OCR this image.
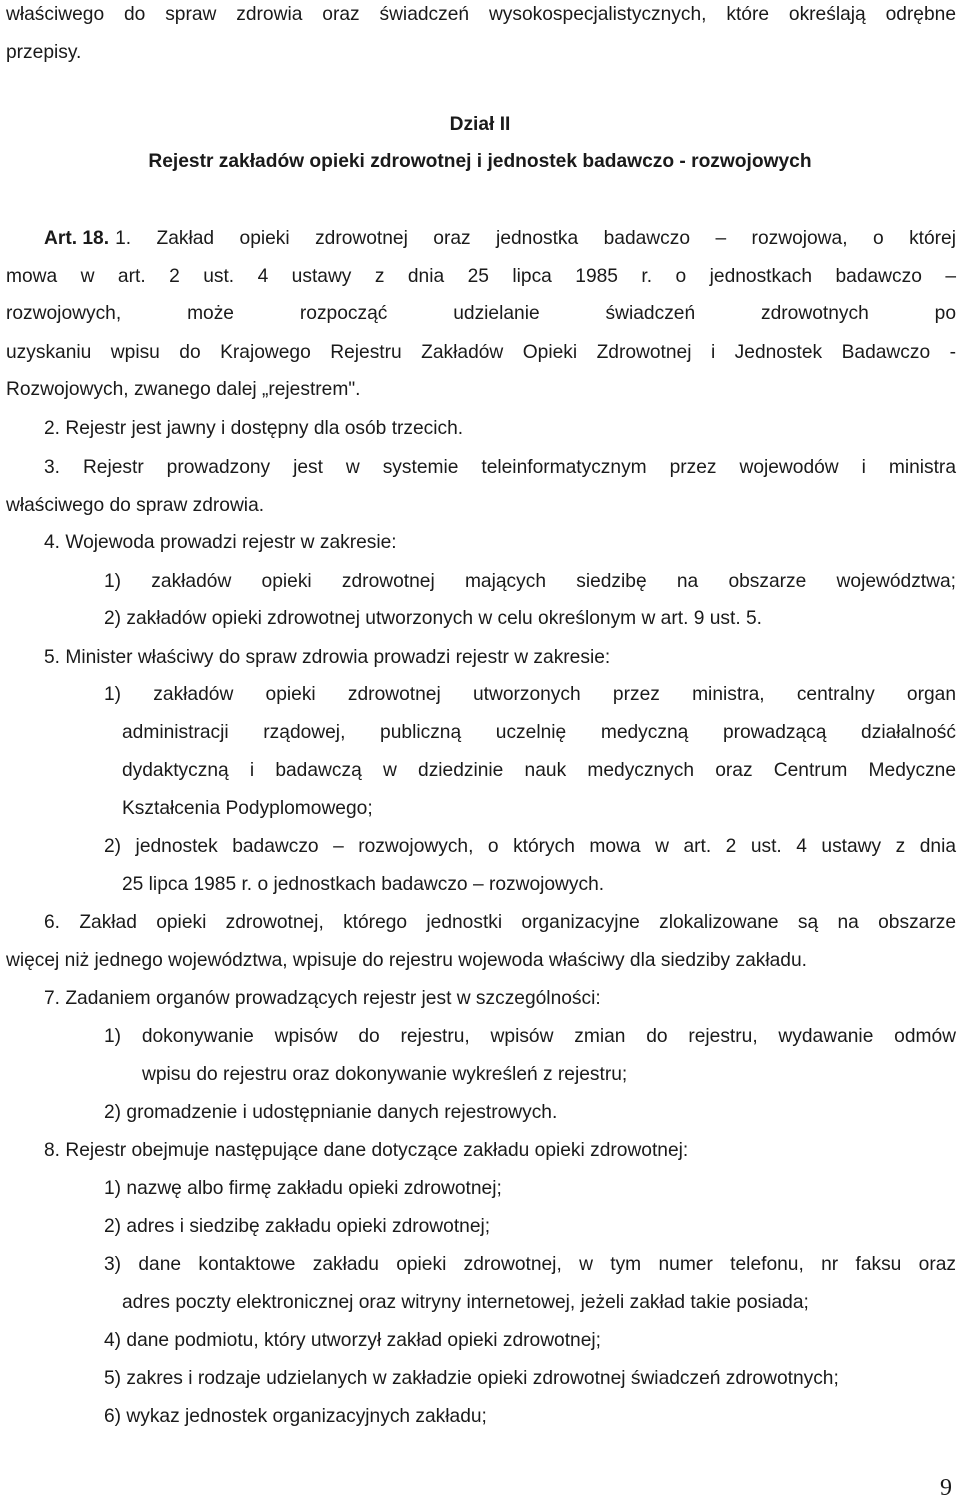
właściwego do spraw zdrowia oraz świadczeń wysokospecjalistycznych, które określają odrębne
przepisy.
Dział II
Rejestr zakładów opieki zdrowotnej i jednostek badawczo - rozwojowych
Art. 18. 1. Zakład opieki zdrowotnej oraz jednostka badawczo – rozwojowa, o której
mowa w art. 2 ust. 4 ustawy z dnia 25 lipca 1985 r. o jednostkach badawczo –
rozwojowych, może rozpocząć udzielanie świadczeń zdrowotnych po
uzyskaniu wpisu do Krajowego Rejestru Zakładów Opieki Zdrowotnej i Jednostek Badawczo -
Rozwojowych, zwanego dalej „rejestrem".
2. Rejestr jest jawny i dostępny dla osób trzecich.
3. Rejestr prowadzony jest w systemie teleinformatycznym przez wojewodów i ministra
właściwego do spraw zdrowia.
4. Wojewoda prowadzi rejestr w zakresie:
1) zakładów opieki zdrowotnej mających siedzibę na obszarze województwa;
2) zakładów opieki zdrowotnej utworzonych w celu określonym w art. 9 ust. 5.
5. Minister właściwy do spraw zdrowia prowadzi rejestr w zakresie:
1) zakładów opieki zdrowotnej utworzonych przez ministra, centralny organ
administracji rządowej, publiczną uczelnię medyczną prowadzącą działalność
dydaktyczną i badawczą w dziedzinie nauk medycznych oraz Centrum Medyczne
Kształcenia Podyplomowego;
2) jednostek badawczo – rozwojowych, o których mowa w art. 2 ust. 4 ustawy z dnia
25 lipca 1985 r. o jednostkach badawczo – rozwojowych.
6. Zakład opieki zdrowotnej, którego jednostki organizacyjne zlokalizowane są na obszarze
więcej niż jednego województwa, wpisuje do rejestru wojewoda właściwy dla siedziby zakładu.
7. Zadaniem organów prowadzących rejestr jest w szczególności:
1) dokonywanie wpisów do rejestru, wpisów zmian do rejestru, wydawanie odmów
wpisu do rejestru oraz dokonywanie wykreśleń z rejestru;
2) gromadzenie i udostępnianie danych rejestrowych.
8. Rejestr obejmuje następujące dane dotyczące zakładu opieki zdrowotnej:
1) nazwę albo firmę zakładu opieki zdrowotnej;
2) adres i siedzibę zakładu opieki zdrowotnej;
3) dane kontaktowe zakładu opieki zdrowotnej, w tym numer telefonu, nr faksu oraz
adres poczty elektronicznej oraz witryny internetowej, jeżeli zakład takie posiada;
4) dane podmiotu, który utworzył zakład opieki zdrowotnej;
5) zakres i rodzaje udzielanych w zakładzie opieki zdrowotnej świadczeń zdrowotnych;
6) wykaz jednostek organizacyjnych zakładu;
9
